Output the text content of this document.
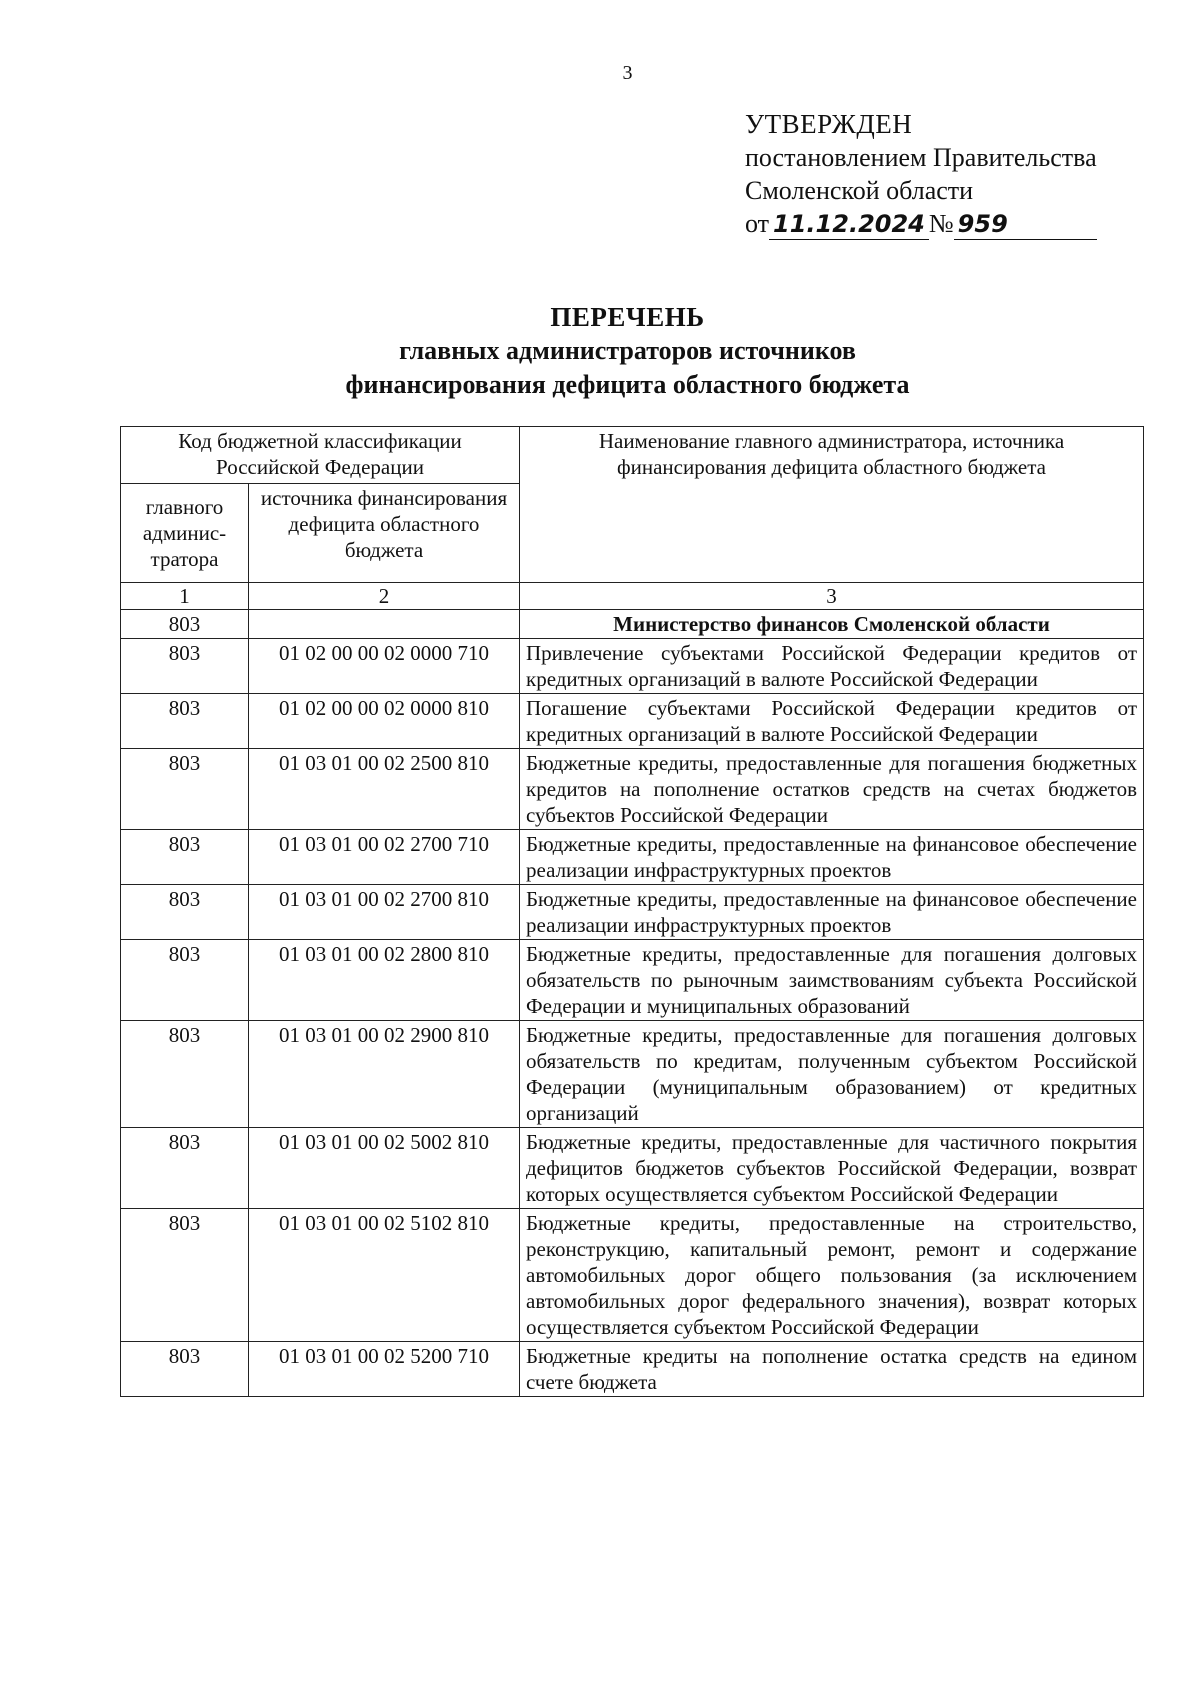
3
УТВЕРЖДЕН
постановлением Правительства
Смоленской области
от 11.12.2024 № 959
ПЕРЕЧЕНЬ
главных администраторов источников
финансирования дефицита областного бюджета
Код бюджетной классификации Российской Федерации		Наименование главного администратора, источника финансирования дефицита областного бюджета
главного админис-тратора	источника финансирования дефицита областного бюджета	
1	2	3
803		Министерство финансов Смоленской области
803	01 02 00 00 02 0000 710	Привлечение субъектами Российской Федерации кредитов от кредитных организаций в валюте Российской Федерации
803	01 02 00 00 02 0000 810	Погашение субъектами Российской Федерации кредитов от кредитных организаций в валюте Российской Федерации
803	01 03 01 00 02 2500 810	Бюджетные кредиты, предоставленные для погашения бюджетных кредитов на пополнение остатков средств на счетах бюджетов субъектов Российской Федерации
803	01 03 01 00 02 2700 710	Бюджетные кредиты, предоставленные на финансовое обеспечение реализации инфраструктурных проектов
803	01 03 01 00 02 2700 810	Бюджетные кредиты, предоставленные на финансовое обеспечение реализации инфраструктурных проектов
803	01 03 01 00 02 2800 810	Бюджетные кредиты, предоставленные для погашения долговых обязательств по рыночным заимствованиям субъекта Российской Федерации и муниципальных образований
803	01 03 01 00 02 2900 810	Бюджетные кредиты, предоставленные для погашения долговых обязательств по кредитам, полученным субъектом Российской Федерации (муниципальным образованием) от кредитных организаций
803	01 03 01 00 02 5002 810	Бюджетные кредиты, предоставленные для частичного покрытия дефицитов бюджетов субъектов Российской Федерации, возврат которых осуществляется субъектом Российской Федерации
803	01 03 01 00 02 5102 810	Бюджетные кредиты, предоставленные на строительство, реконструкцию, капитальный ремонт, ремонт и содержание автомобильных дорог общего пользования (за исключением автомобильных дорог федерального значения), возврат которых осуществляется субъектом Российской Федерации
803	01 03 01 00 02 5200 710	Бюджетные кредиты на пополнение остатка средств на едином счете бюджета
